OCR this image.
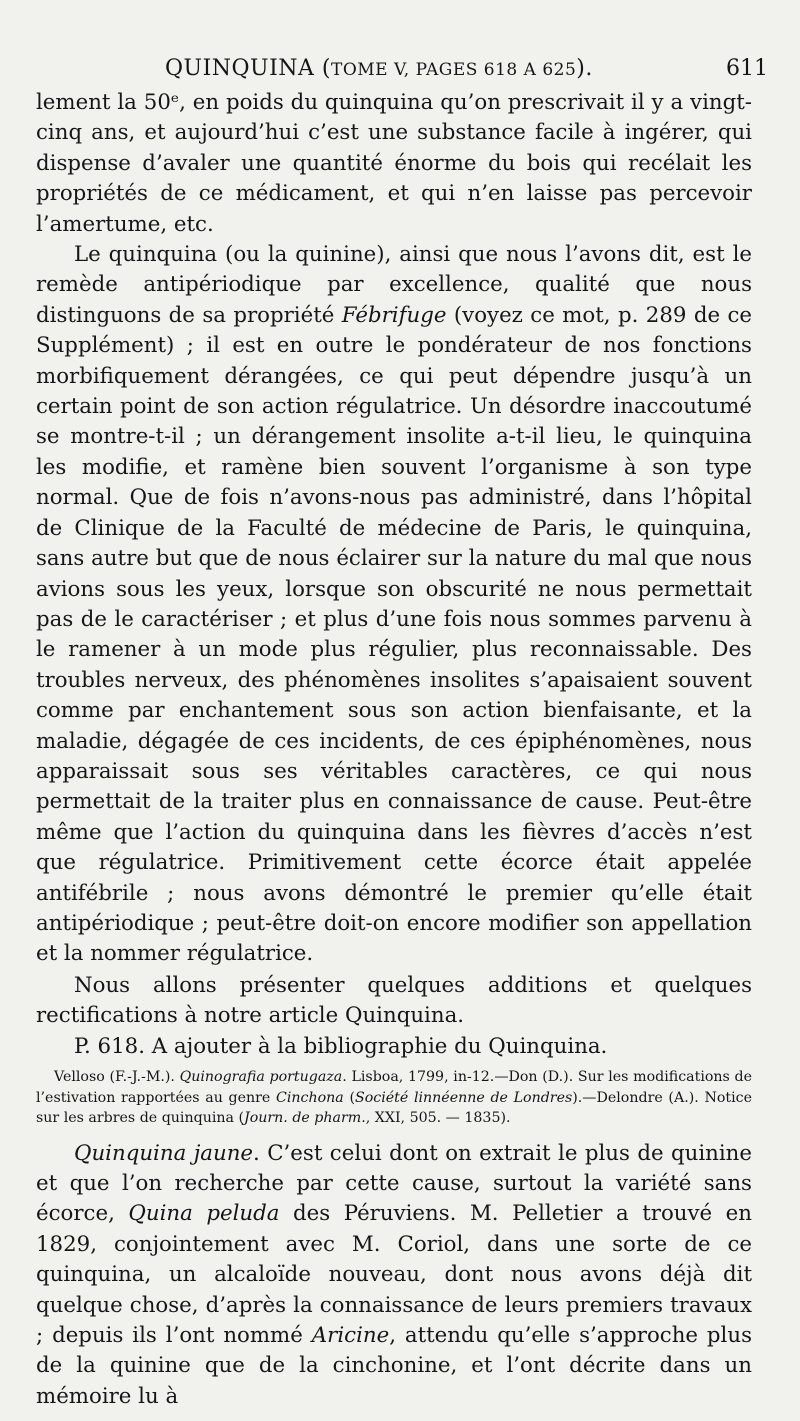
QUINQUINA (TOME V, PAGES 618 A 625).	611

lement la 50ᵉ, en poids du quinquina qu’on prescrivait il y a vingt-cinq ans, et aujourd’hui c’est une substance facile à ingérer, qui dispense d’avaler une quantité énorme du bois qui recélait les propriétés de ce médicament, et qui n’en laisse pas percevoir l’amertume, etc.

Le quinquina (ou la quinine), ainsi que nous l’avons dit, est le remède antipériodique par excellence, qualité que nous distinguons de sa propriété Fébrifuge (voyez ce mot, p. 289 de ce Supplément) ; il est en outre le pondérateur de nos fonctions morbifiquement dérangées, ce qui peut dépendre jusqu’à un certain point de son action régulatrice. Un désordre inaccoutumé se montre-t-il ; un dérangement insolite a-t-il lieu, le quinquina les modifie, et ramène bien souvent l’organisme à son type normal. Que de fois n’avons-nous pas administré, dans l’hôpital de Clinique de la Faculté de médecine de Paris, le quinquina, sans autre but que de nous éclairer sur la nature du mal que nous avions sous les yeux, lorsque son obscurité ne nous permettait pas de le caractériser ; et plus d’une fois nous sommes parvenu à le ramener à un mode plus régulier, plus reconnaissable. Des troubles nerveux, des phénomènes insolites s’apaisaient souvent comme par enchantement sous son action bienfaisante, et la maladie, dégagée de ces incidents, de ces épiphénomènes, nous apparaissait sous ses véritables caractères, ce qui nous permettait de la traiter plus en connaissance de cause. Peut-être même que l’action du quinquina dans les fièvres d’accès n’est que régulatrice. Primitivement cette écorce était appelée antifébrile ; nous avons démontré le premier qu’elle était antipériodique ; peut-être doit-on encore modifier son appellation et la nommer régulatrice.

Nous allons présenter quelques additions et quelques rectifications à notre article Quinquina.

P. 618. A ajouter à la bibliographie du Quinquina.

Velloso (F.-J.-M.). Quinografia portugaza. Lisboa, 1799, in-12.—Don (D.). Sur les modifications de l’estivation rapportées au genre Cinchona (Société linnéenne de Londres).—Delondre (A.). Notice sur les arbres de quinquina (Journ. de pharm., XXI, 505. — 1835).

Quinquina jaune. C’est celui dont on extrait le plus de quinine et que l’on recherche par cette cause, surtout la variété sans écorce, Quina peluda des Péruviens. M. Pelletier a trouvé en 1829, conjointement avec M. Coriol, dans une sorte de ce quinquina, un alcaloïde nouveau, dont nous avons déjà dit quelque chose, d’après la connaissance de leurs premiers travaux ; depuis ils l’ont nommé Aricine, attendu qu’elle s’approche plus de la quinine que de la cinchonine, et l’ont décrite dans un mémoire lu à
